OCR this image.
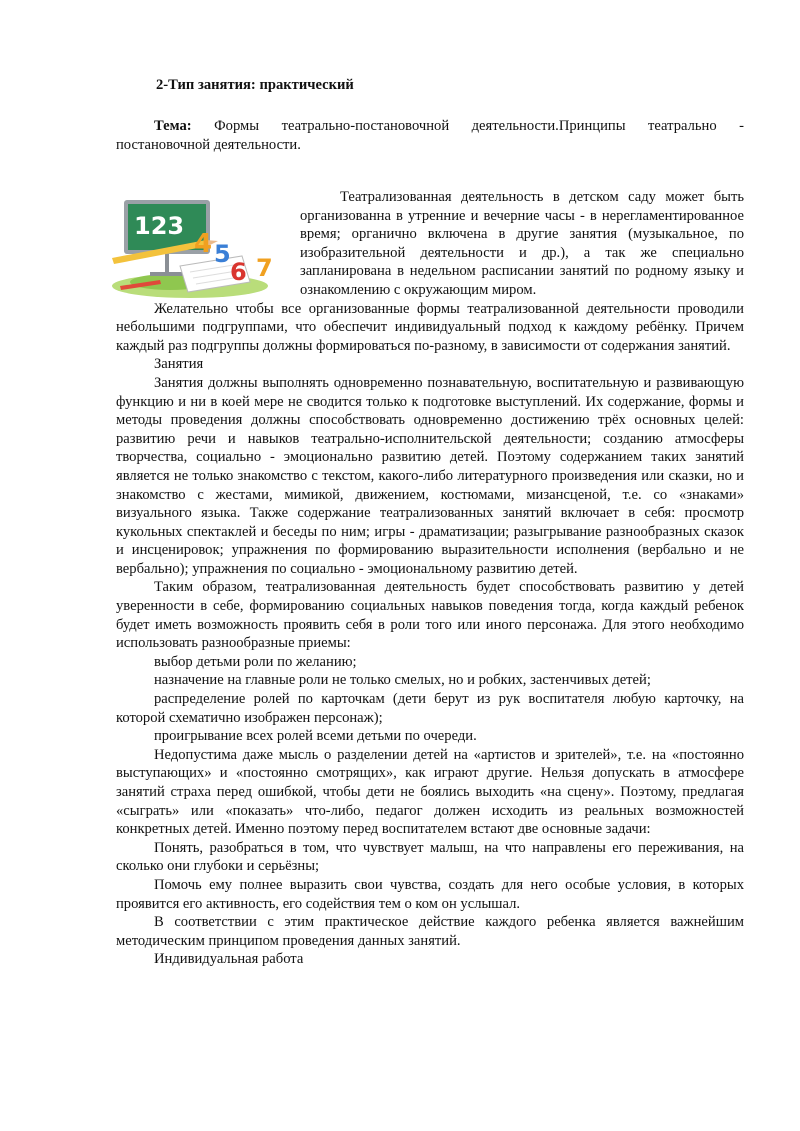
2-Тип занятия: практический
Тема: Формы театрально-постановочной деятельности.Принципы театрально - постановочной деятельности.
123
4 5
6 7

Театрализованная деятельность в детском саду может быть организованна в утренние и вечерние часы - в нерегламентированное время; органично включена в другие занятия (музыкальное, по изобразительной деятельности и др.), а так же специально запланирована в недельном расписании занятий по родному языку и ознакомлению с окружающим миром.

Желательно чтобы все организованные формы театрализованной деятельности проводили небольшими подгруппами, что обеспечит индивидуальный подход к каждому ребёнку. Причем каждый раз подгруппы должны формироваться по-разному, в зависимости от содержания занятий.

Занятия

Занятия должны выполнять одновременно познавательную, воспитательную и развивающую функцию и ни в коей мере не сводится только к подготовке выступлений. Их содержание, формы и методы проведения должны способствовать одновременно достижению трёх основных целей: развитию речи и навыков театрально-исполнительской деятельности; созданию атмосферы творчества, социально - эмоционально развитию детей. Поэтому содержанием таких занятий является не только знакомство с текстом, какого-либо литературного произведения или сказки, но и знакомство с жестами, мимикой, движением, костюмами, мизансценой, т.е. со «знаками» визуального языка. Также содержание театрализованных занятий включает в себя: просмотр кукольных спектаклей и беседы по ним; игры - драматизации; разыгрывание разнообразных сказок и инсценировок; упражнения по формированию выразительности исполнения (вербально и не вербально); упражнения по социально - эмоциональному развитию детей.

Таким образом, театрализованная деятельность будет способствовать развитию у детей уверенности в себе, формированию социальных навыков поведения тогда, когда каждый ребенок будет иметь возможность проявить себя в роли того или иного персонажа. Для этого необходимо использовать разнообразные приемы:

выбор детьми роли по желанию;

назначение на главные роли не только смелых, но и робких, застенчивых детей;

распределение ролей по карточкам (дети берут из рук воспитателя любую карточку, на которой схематично изображен персонаж);

проигрывание всех ролей всеми детьми по очереди.

Недопустима даже мысль о разделении детей на «артистов и зрителей», т.е. на «постоянно выступающих» и «постоянно смотрящих», как играют другие. Нельзя допускать в атмосфере занятий страха перед ошибкой, чтобы дети не боялись выходить «на сцену». Поэтому, предлагая «сыграть» или «показать» что-либо, педагог должен исходить из реальных возможностей конкретных детей. Именно поэтому перед воспитателем встают две основные задачи:

Понять, разобраться в том, что чувствует малыш, на что направлены его переживания, на сколько они глубоки и серьёзны;

Помочь ему полнее выразить свои чувства, создать для него особые условия, в которых проявится его активность, его содействия тем о ком он услышал.

В соответствии с этим практическое действие каждого ребенка является важнейшим методическим принципом проведения данных занятий.

Индивидуальная работа
